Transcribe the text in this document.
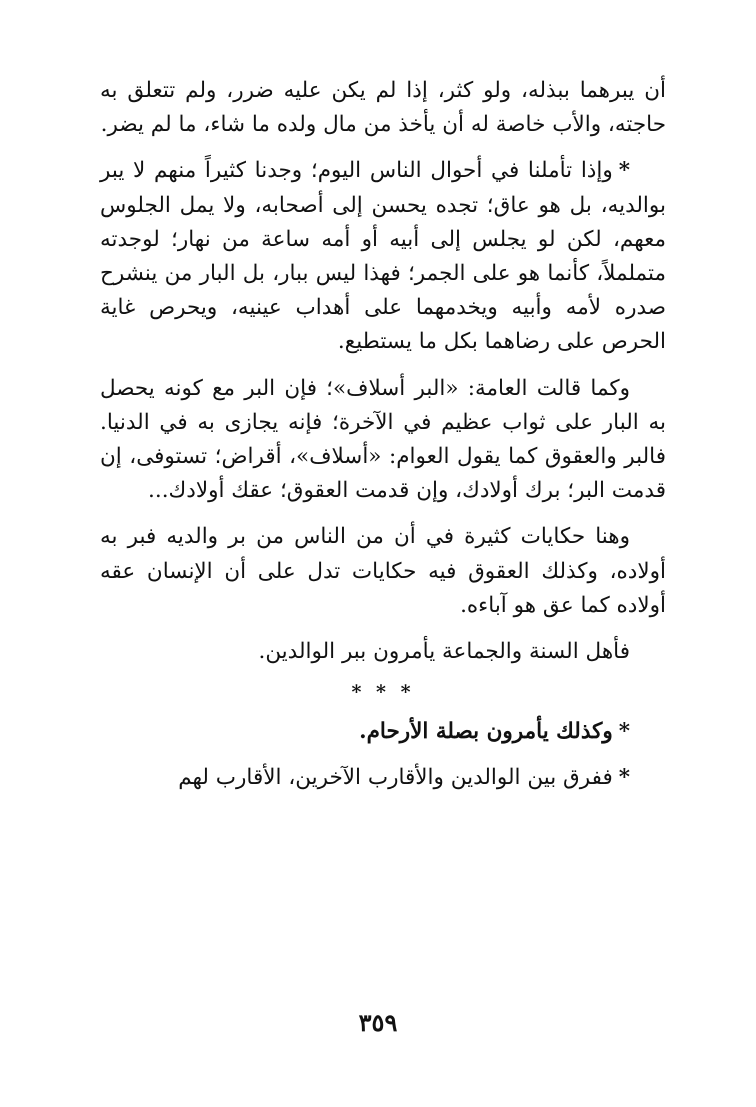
أن يبرهما ببذله، ولو كثر، إذا لم يكن عليه ضرر، ولم تتعلق به حاجته، والأب خاصة له أن يأخذ من مال ولده ما شاء، ما لم يضر.

*وإذا تأملنا في أحوال الناس اليوم؛ وجدنا كثيراً منهم لا يبر بوالديه، بل هو عاق؛ تجده يحسن إلى أصحابه، ولا يمل الجلوس معهم، لكن لو يجلس إلى أبيه أو أمه ساعة من نهار؛ لوجدته متململاً، كأنما هو على الجمر؛ فهذا ليس ببار، بل البار من ينشرح صدره لأمه وأبيه ويخدمهما على أهداب عينيه، ويحرص غاية الحرص على رضاهما بكل ما يستطيع.

وكما قالت العامة: «البر أسلاف»؛ فإن البر مع كونه يحصل به البار على ثواب عظيم في الآخرة؛ فإنه يجازى به في الدنيا. فالبر والعقوق كما يقول العوام: «أسلاف»، أقراض؛ تستوفى، إن قدمت البر؛ برك أولادك، وإن قدمت العقوق؛ عقك أولادك...

وهنا حكايات كثيرة في أن من الناس من بر والديه فبر به أولاده، وكذلك العقوق فيه حكايات تدل على أن الإنسان عقه أولاده كما عق هو آباءه.

فأهل السنة والجماعة يأمرون ببر الوالدين.

* * *

*وكذلك يأمرون بصلة الأرحام.

*ففرق بين الوالدين والأقارب الآخرين، الأقارب لهم

٣٥٩
